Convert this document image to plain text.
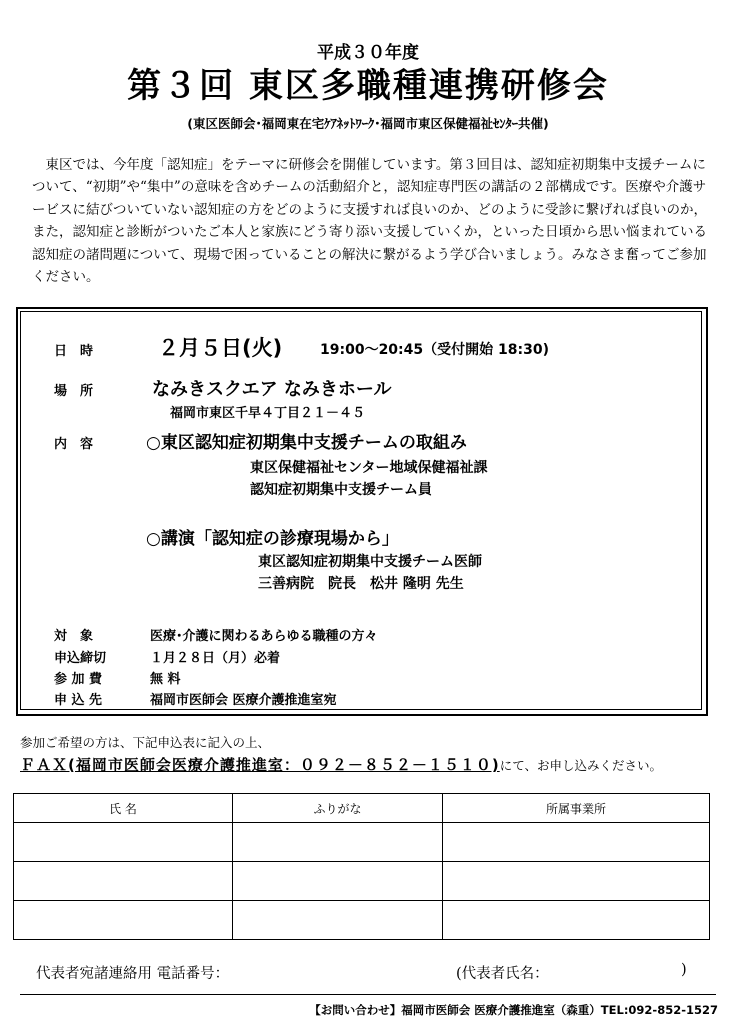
平成３０年度
第３回 東区多職種連携研修会
(東区医師会･福岡東在宅ｹｱﾈｯﾄﾜｰｸ･福岡市東区保健福祉ｾﾝﾀｰ共催)
東区では、今年度「認知症」をテーマに研修会を開催しています。第３回目は、認知症初期集中支援チームについて、“初期”や“集中”の意味を含めチームの活動紹介と，認知症専門医の講話の２部構成です。医療や介護サービスに結びついていない認知症の方をどのように支援すれば良いのか、どのように受診に繋げれば良いのか，また，認知症と診断がついたご本人と家族にどう寄り添い支援していくか，といった日頃から思い悩まれている認知症の諸問題について、現場で困っていることの解決に繋がるよう学び合いましょう。みなさま奮ってご参加ください。
日　時	２月５日(火)	19:00～20:45（受付開始 18:30)
場　所	なみきスクエア なみきホール
福岡市東区千早４丁目２１－４５
内　容	○東区認知症初期集中支援チームの取組み
東区保健福祉センター地域保健福祉課
認知症初期集中支援チーム員
○講演「認知症の診療現場から」
東区認知症初期集中支援チーム医師
三善病院　院長　松井 隆明 先生
対　象	医療･介護に関わるあらゆる職種の方々
申込締切	１月２８日（月）必着
参 加 費	無 料
申 込 先	福岡市医師会 医療介護推進室宛
参加ご希望の方は、下記申込表に記入の上、
ＦＡＸ(福岡市医師会医療介護推進室：０９２－８５２－１５１０)にて、お申し込みください。
氏 名	ふりがな	所属事業所

代表者宛諸連絡用 電話番号：	(代表者氏名：	)
【お問い合わせ】福岡市医師会 医療介護推進室（森重）TEL:092-852-1527
